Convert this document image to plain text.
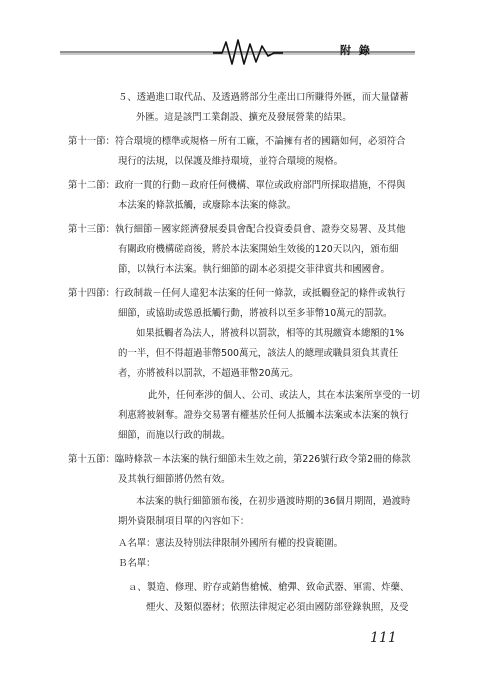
附 錄
５、透過進口取代品、及透過將部分生產出口所賺得外匯，而大量儲蓄
外匯。這是該門工業創設、擴充及發展營業的結果。
第十一節：符合環境的標準或規格－所有工廠，不論擁有者的國籍如何，必須符合
現行的法規，以保護及維持環境，並符合環境的規格。
第十二節：政府一貫的行動－政府任何機構、單位或政府部門所採取措施，不得與
本法案的條款抵觸，或廢除本法案的條款。
第十三節：執行細節－國家經濟發展委員會配合投資委員會、證券交易署、及其他
有關政府機構磋商後，將於本法案開始生效後的120天以內，頒布細
節，以執行本法案。執行細節的副本必須提交菲律賓共和國國會。
第十四節：行政制裁－任何人違犯本法案的任何一條款，或抵觸登記的條件或執行
細節，或協助或慫恿抵觸行動，將被科以至多菲幣10萬元的罰款。
如果抵觸者為法人，將被科以罰款，相等的其現繳資本總額的1%
的一半，但不得超過菲幣500萬元，該法人的總理或職員須負其責任
者，亦將被科以罰款，不超過菲幣20萬元。
此外，任何牽涉的個人、公司、或法人，其在本法案所享受的一切
利惠將被剝奪。證券交易署有權基於任何人抵觸本法案或本法案的執行
細節，而施以行政的制裁。
第十五節：臨時條款－本法案的執行細節未生效之前，第226號行政令第2冊的條款
及其執行細節將仍然有效。
本法案的執行細節頒布後，在初步過渡時期的36個月期間，過渡時
期外資限制項目單的內容如下：
Ａ名單：憲法及特別法律限制外國所有權的投資範圍。
Ｂ名單：
ａ、製造、修理、貯存或銷售槍械、槍彈、致命武器、軍需、炸藥、
煙火、及類似器材；依照法律規定必須由國防部登錄執照，及受
111
